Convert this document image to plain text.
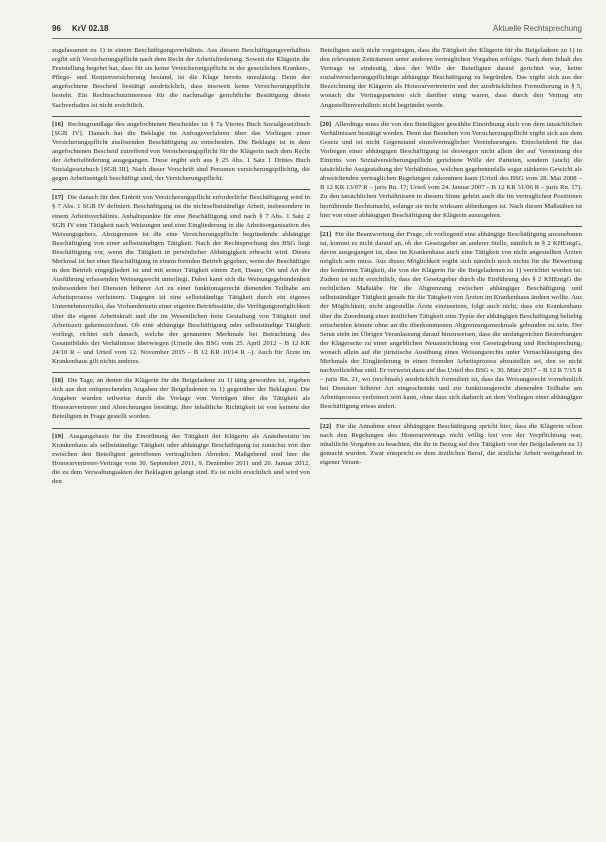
96 KrV 02.18	Aktuelle Rechtsprechung

zugelassenen zu 1) in einem Beschäftigungsverhältnis. Aus diesem Beschäftigungsverhältnis ergibt sich Versicherungspflicht nach dem Recht der Arbeitsförderung. Soweit die Klägerin die Feststellung begehrt hat, dass für sie keine Versicherungspflicht in der gesetzlichen Kranken-, Pflege- und Rentenversicherung bestand, ist die Klage bereits unzulässig. Denn der angefochtene Bescheid bestätigt ausdrücklich, dass insoweit keine Versicherungspflicht besteht. Ein Rechtsschutzinteresse für die nachmalige gerichtliche Bestätigung dieses Sachverhaltes ist nicht ersichtlich.

[16] Rechtsgrundlage des angefochtenen Bescheides ist § 7a Viertes Buch Sozialgesetzbuch [SGB IV]. Danach hat die Beklagte im Anfrageverfahren über das Vorliegen einer Versicherungspflicht auslösenden Beschäftigung zu entscheiden. Die Beklagte ist in dem angefochtenen Bescheid zutreffend von Versicherungspflicht für die Klägerin nach dem Recht der Arbeitsförderung ausgegangen. Diese ergibt sich aus § 25 Abs. 1 Satz 1 Drittes Buch Sozialgesetzbuch [SGB III]. Nach dieser Vorschrift sind Personen versicherungspflichtig, die gegen Arbeitsentgelt beschäftigt sind, der Versicherungspflicht.

[17] Die danach für den Eintritt von Versicherungspflicht erforderliche Beschäftigung wird in § 7 Abs. 1 SGB IV definiert. Beschäftigung ist die nichtselbstständige Arbeit, insbesondere in einem Arbeitsverhältnis. Anhaltspunkte für eine Beschäftigung sind nach § 7 Abs. 1 Satz 2 SGB IV eine Tätigkeit nach Weisungen und eine Eingliederung in die Arbeitsorganisation des Weisungsgebers. Abzugrenzen ist die eine Versicherungspflicht begründende abhängige Beschäftigung von einer selbstständigen Tätigkeit. Nach der Rechtsprechung des BSG liegt Beschäftigung vor, wenn die Tätigkeit in persönlicher Abhängigkeit erbracht wird. Dieses Merkmal ist bei einer Beschäftigung in einem fremden Betrieb gegeben, wenn der Beschäftigte in den Betrieb eingegliedert ist und mit seiner Tätigkeit einem Zeit, Dauer, Ort und Art der Ausführung erfassenden Weisungsrecht unterliegt. Dabei kann sich die Weisungsgebundenheit insbesondere bei Diensten höherer Art zu einer funktionsgerecht dienenden Teilhabe am Arbeitsprozess verfeinern. Dagegen ist eine selbstständige Tätigkeit durch ein eigenes Unternehmerrisiko, das Vorhandensein einer eigenen Betriebsstätte, die Verfügungsmöglichkeit über die eigene Arbeitskraft und die im Wesentlichen freie Gestaltung von Tätigkeit und Arbeitszeit gekennzeichnet. Ob eine abhängige Beschäftigung oder selbstständige Tätigkeit vorliegt, richtet sich danach, welche der genannten Merkmale bei Betrachtung des Gesamtbildes der Verhältnisse überwiegen (Urteile des BSG vom 25. April 2012 – B 12 KR 24/10 R – und Urteil vom 12. November 2015 – B 12 KR 10/14 R –). Auch für Ärzte im Krankenhaus gilt nichts anderes.

[18] Die Tage, an denen die Klägerin für die Beigeladene zu 1) tätig geworden ist, ergeben sich aus den entsprechenden Angaben der Beigeladenen zu 1) gegenüber der Beklagten. Die Angaben wurden teilweise durch die Vorlage von Verträgen über die Tätigkeit als Honorarvertreter und Abrechnungen bestätigt. Ihre inhaltliche Richtigkeit ist von keinem der Beteiligten in Frage gestellt worden.

[19] Ausgangsbasis für die Einordnung der Tätigkeit der Klägerin als Anästhesistin im Krankenhaus als selbstständige Tätigkeit oder abhängige Beschäftigung ist zunächst von den zwischen den Beteiligten getroffenen vertraglichen Abreden. Maßgebend sind hier die Honorarvertreter-Verträge vom 30. September 2011, 9. Dezember 2011 und 20. Januar 2012, die zu dem Verwaltungsakten der Beklagten gelangt sind. Es ist nicht ersichtlich und wird von den

Beteiligten auch nicht vorgetragen, dass die Tätigkeit der Klägerin für die Beigeladene zu 1) in den relevanten Zeiträumen unter anderen vertraglichen Vorgaben erfolgte. Nach dem Inhalt des Vertrags ist eindeutig, dass der Wille der Beteiligten darauf gerichtet war, keine sozialversicherungspflichtige abhängige Beschäftigung zu begründen. Das ergibt sich aus der Bezeichnung der Klägerin als Honorarvertreterin und der ausdrücklichen Formulierung in § 5, wonach die Vertragsparteien sich darüber einig waren, dass durch den Vertrag ein Angestelltenverhältnis nicht begründet werde.

[20] Allerdings muss die von den Beteiligten gewählte Einordnung auch von dem tatsächlichen Verhältnissen bestätigt werden. Denn das Bestehen von Versicherungspflicht ergibt sich aus dem Gesetz und ist nicht Gegenstand einzelvertraglicher Vereinbarungen. Entscheidend für das Vorliegen einer abhängigen Beschäftigung ist deswegen nicht allein der auf Verneinung des Eintritts von Sozialversicherungspflicht gerichtete Wille der Parteien, sondern (auch) die tatsächliche Ausgestaltung der Verhältnisse, welchen gegebenenfalls sogar stärkeres Gewicht als abweichenden vertraglichen Regelungen zukommen kann (Urteil des BSG vom 28. Mai 2008 – B 12 KR 13/07 R – juris Rn. 17; Urteil vom 24. Januar 2007 – B 12 KR 31/06 R – juris Rn. 17). Zu den tatsächlichen Verhältnissen in diesem Sinne gehört auch die im vertraglichen Positionen herrührende Rechtsmacht, solange sie nicht wirksam abbedungen ist. Nach diesen Maßstäben ist hier von einer abhängigen Beschäftigung der Klägerin auszugehen.

[21] Für die Beantwortung der Frage, ob vorliegend eine abhängige Beschäftigung anzunehmen ist, kommt es nicht darauf an, ob der Gesetzgeber an anderer Stelle, nämlich in § 2 KHEntgG, davon ausgegangen ist, dass im Krankenhaus auch eine Tätigkeit von nicht angestellten Ärzten möglich sein muss. Aus dieser Möglichkeit ergibt sich nämlich noch nichts für die Bewertung der konkreten Tätigkeit, die von der Klägerin für die Beigeladenen zu 1) verrichtet worden ist. Zudem ist nicht ersichtlich, dass der Gesetzgeber durch die Einführung des § 2 KHEntgG die rechtlichen Maßstäbe für die Abgrenzung zwischen abhängiger Beschäftigung und selbstständiger Tätigkeit gerade für die Tätigkeit von Ärzten im Krankenhaus ändern wollte. Aus der Möglichkeit, nicht angestellte Ärzte einzusetzen, folgt auch nicht, dass ein Krankenhaus über die Zuordnung einer ärztlichen Tätigkeit zum Typus der abhängigen Beschäftigung beliebig entscheiden könnte ohne an die überkommenen Abgrenzungsmerkmale gebunden zu sein. Der Senat sieht im Übrigen Veranlassung darauf hinzuweisen, dass die umfangreichen Bestrebungen der Klägerseite zu einer angeblichen Neuausrichtung von Gesetzgebung und Rechtsprechung, wonach allein auf die juristische Ausübung eines Weisungsrechts unter Vernachlässigung des Merkmals der Eingliederung in einen fremden Arbeitsprozess abzustellen sei, den so nicht nachvollziehbar sind. Er verweist dazu auf das Urteil des BSG v. 30. März 2017 – B 12 R 7/15 R – juris Rn. 21, wo (nochmals) ausdrücklich formuliert ist, dass das Weisungsrecht vornehmlich bei Diensten höherer Art eingeschränkt und zur funktionsgerecht dienenden Teilhabe am Arbeitsprozess verfeinert sein kann, ohne dass sich dadurch an dem Vorliegen einer abhängigen Beschäftigung etwas ändert.

[22] Für die Annahme einer abhängigen Beschäftigung spricht hier, dass die Klägerin schon nach den Regelungen des Honorarvertrags nicht völlig frei von der Verpflichtung war, inhaltliche Vorgaben zu beachten, die ihr in Bezug auf ihre Tätigkeit von der Beigeladenen zu 1) gemacht wurden. Zwar entspricht es dem ärztlichen Beruf, die ärztliche Arbeit weitgehend in eigener Verant-
